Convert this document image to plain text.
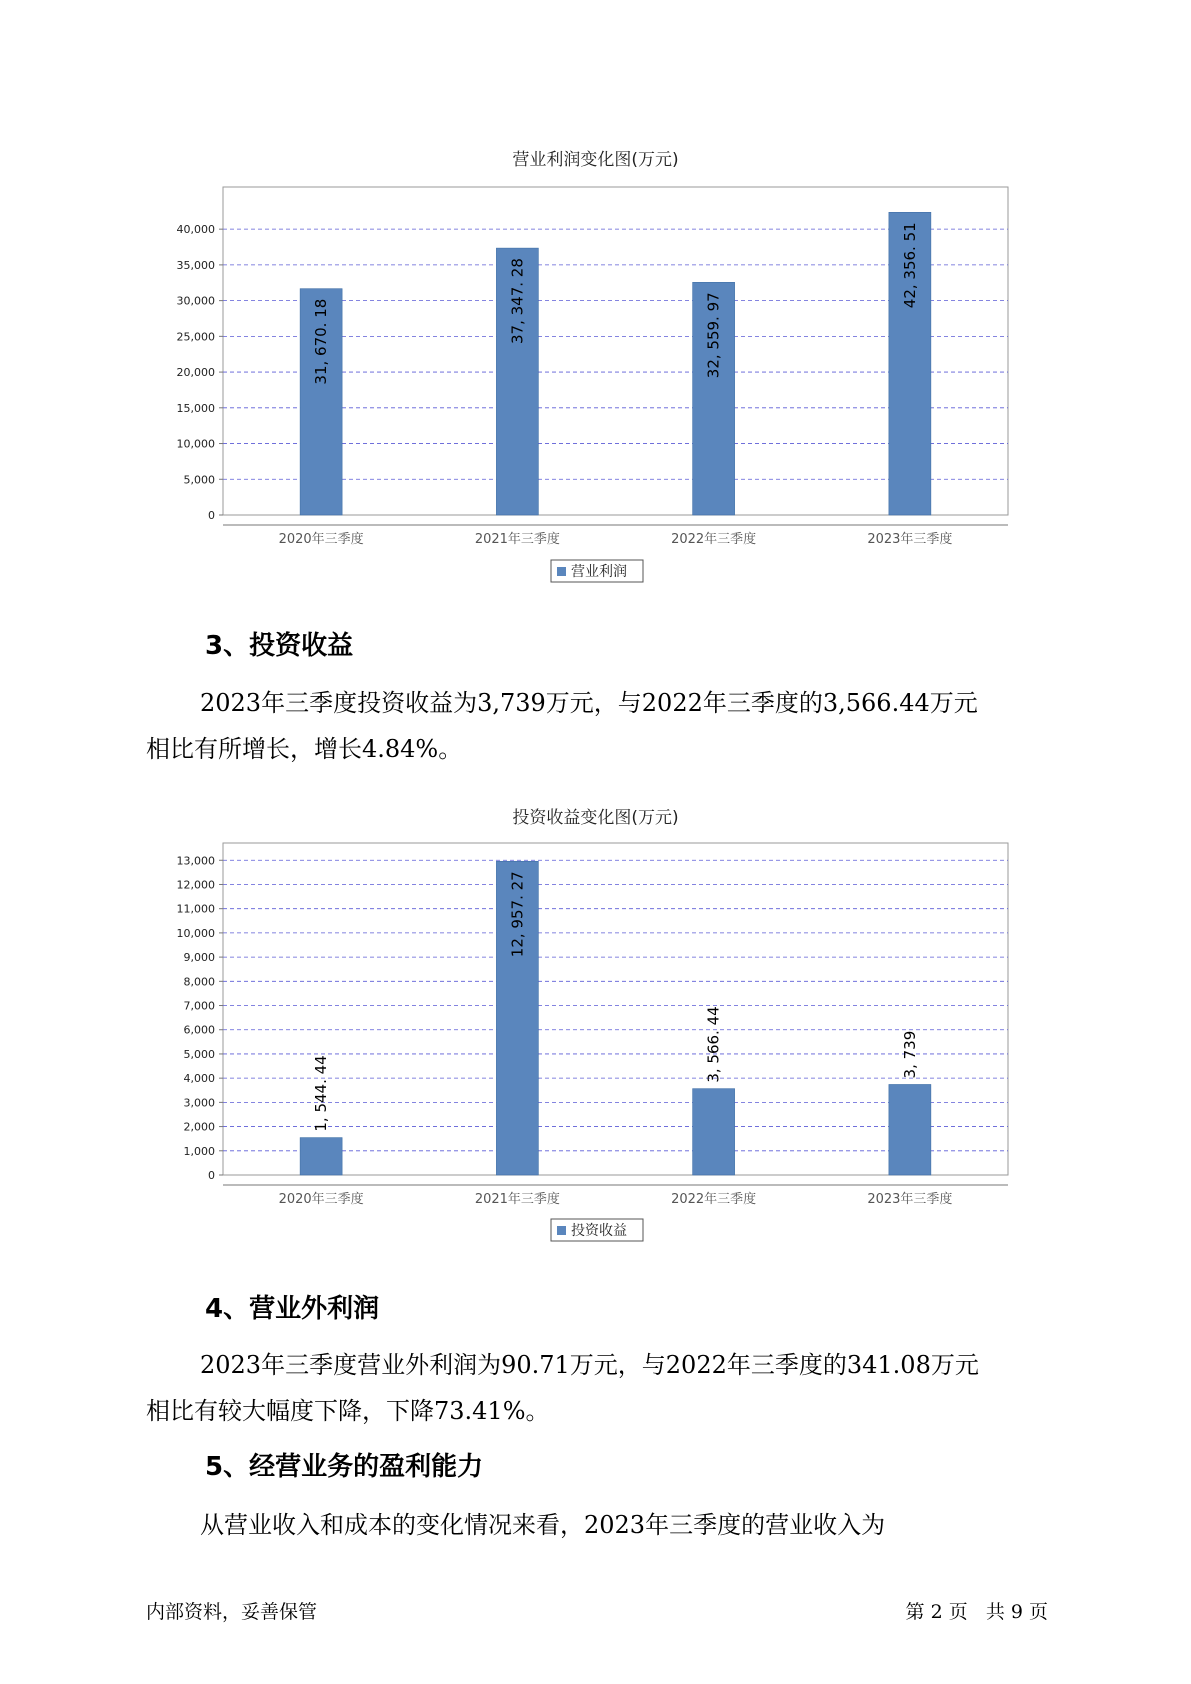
营业利润变化图(万元)
0
5,000
10,000
15,000
20,000
25,000
30,000
35,000
40,000
2020年三季度
31, 670. 18
2021年三季度
37, 347. 28
2022年三季度
32, 559. 97
2023年三季度
42, 356. 51
营业利润
3、投资收益
2023年三季度投资收益为3,739万元，与2022年三季度的3,566.44万元
相比有所增长，增长4.84%。
投资收益变化图(万元)
0
1,000
2,000
3,000
4,000
5,000
6,000
7,000
8,000
9,000
10,000
11,000
12,000
13,000
2020年三季度
1, 544. 44
2021年三季度
12, 957. 27
2022年三季度
3, 566. 44
2023年三季度
3, 739
投资收益
4、营业外利润
2023年三季度营业外利润为90.71万元，与2022年三季度的341.08万元
相比有较大幅度下降，下降73.41%。
5、经营业务的盈利能力
从营业收入和成本的变化情况来看，2023年三季度的营业收入为
内部资料，妥善保管	第 2 页   共 9 页
